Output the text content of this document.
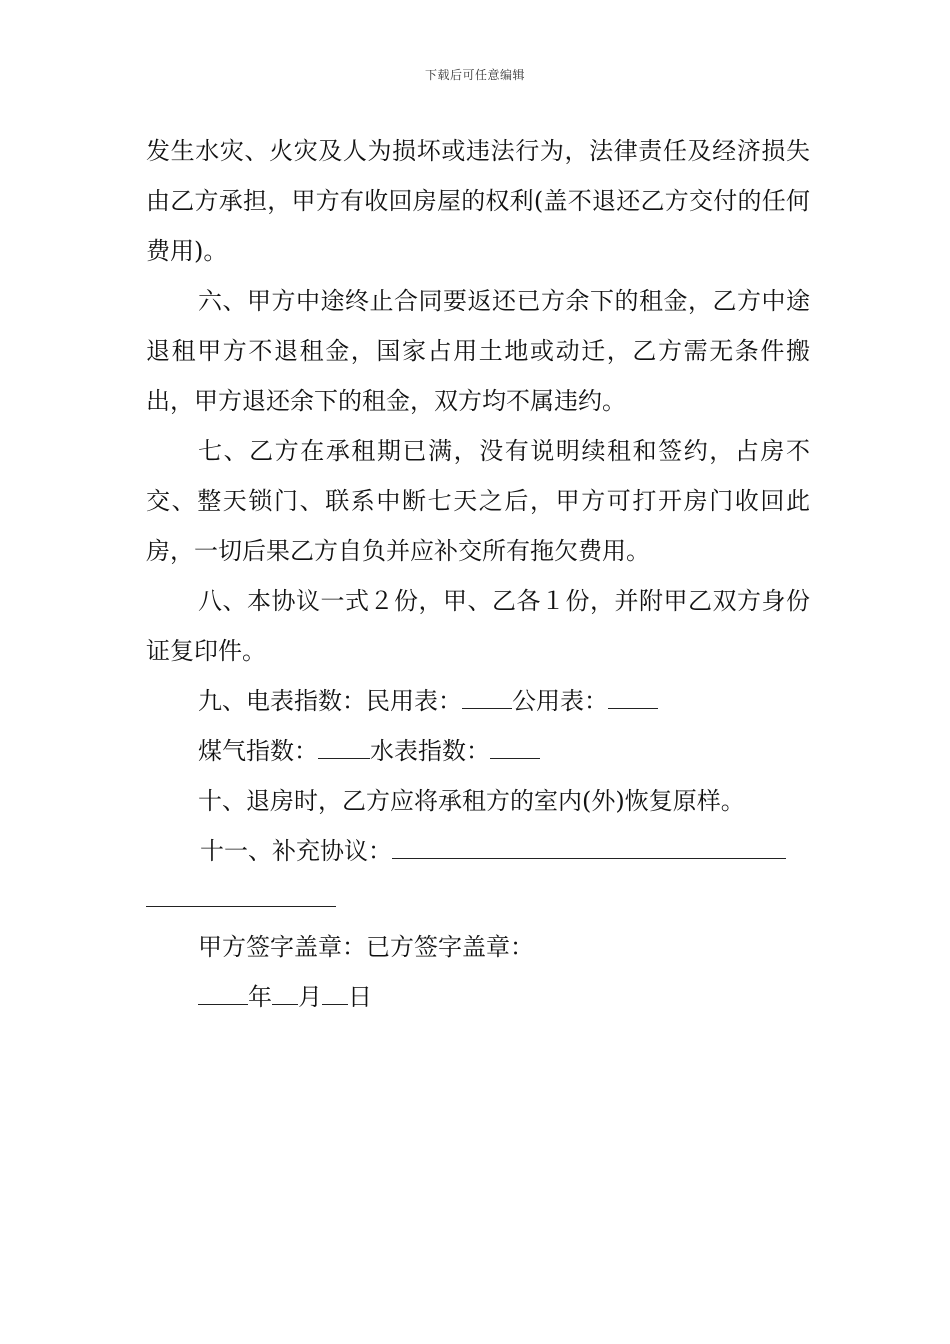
下载后可任意编辑

发生水灾、火灾及人为损坏或违法行为，法律责任及经济损失由乙方承担，甲方有收回房屋的权利(盖不退还乙方交付的任何费用)。

六、甲方中途终止合同要返还已方余下的租金，乙方中途退租甲方不退租金，国家占用土地或动迁，乙方需无条件搬出，甲方退还余下的租金，双方均不属违约。

七、乙方在承租期已满，没有说明续租和签约，占房不交、整天锁门、联系中断七天之后，甲方可打开房门收回此房，一切后果乙方自负并应补交所有拖欠费用。

八、本协议一式２份，甲、乙各１份，并附甲乙双方身份证复印件。

九、电表指数：民用表： 公用表：
煤气指数： 水表指数：

十、退房时，乙方应将承租方的室内(外)恢复原样。

十一、补充协议：
甲方签字盖章：已方签字盖章：
年 月 日
